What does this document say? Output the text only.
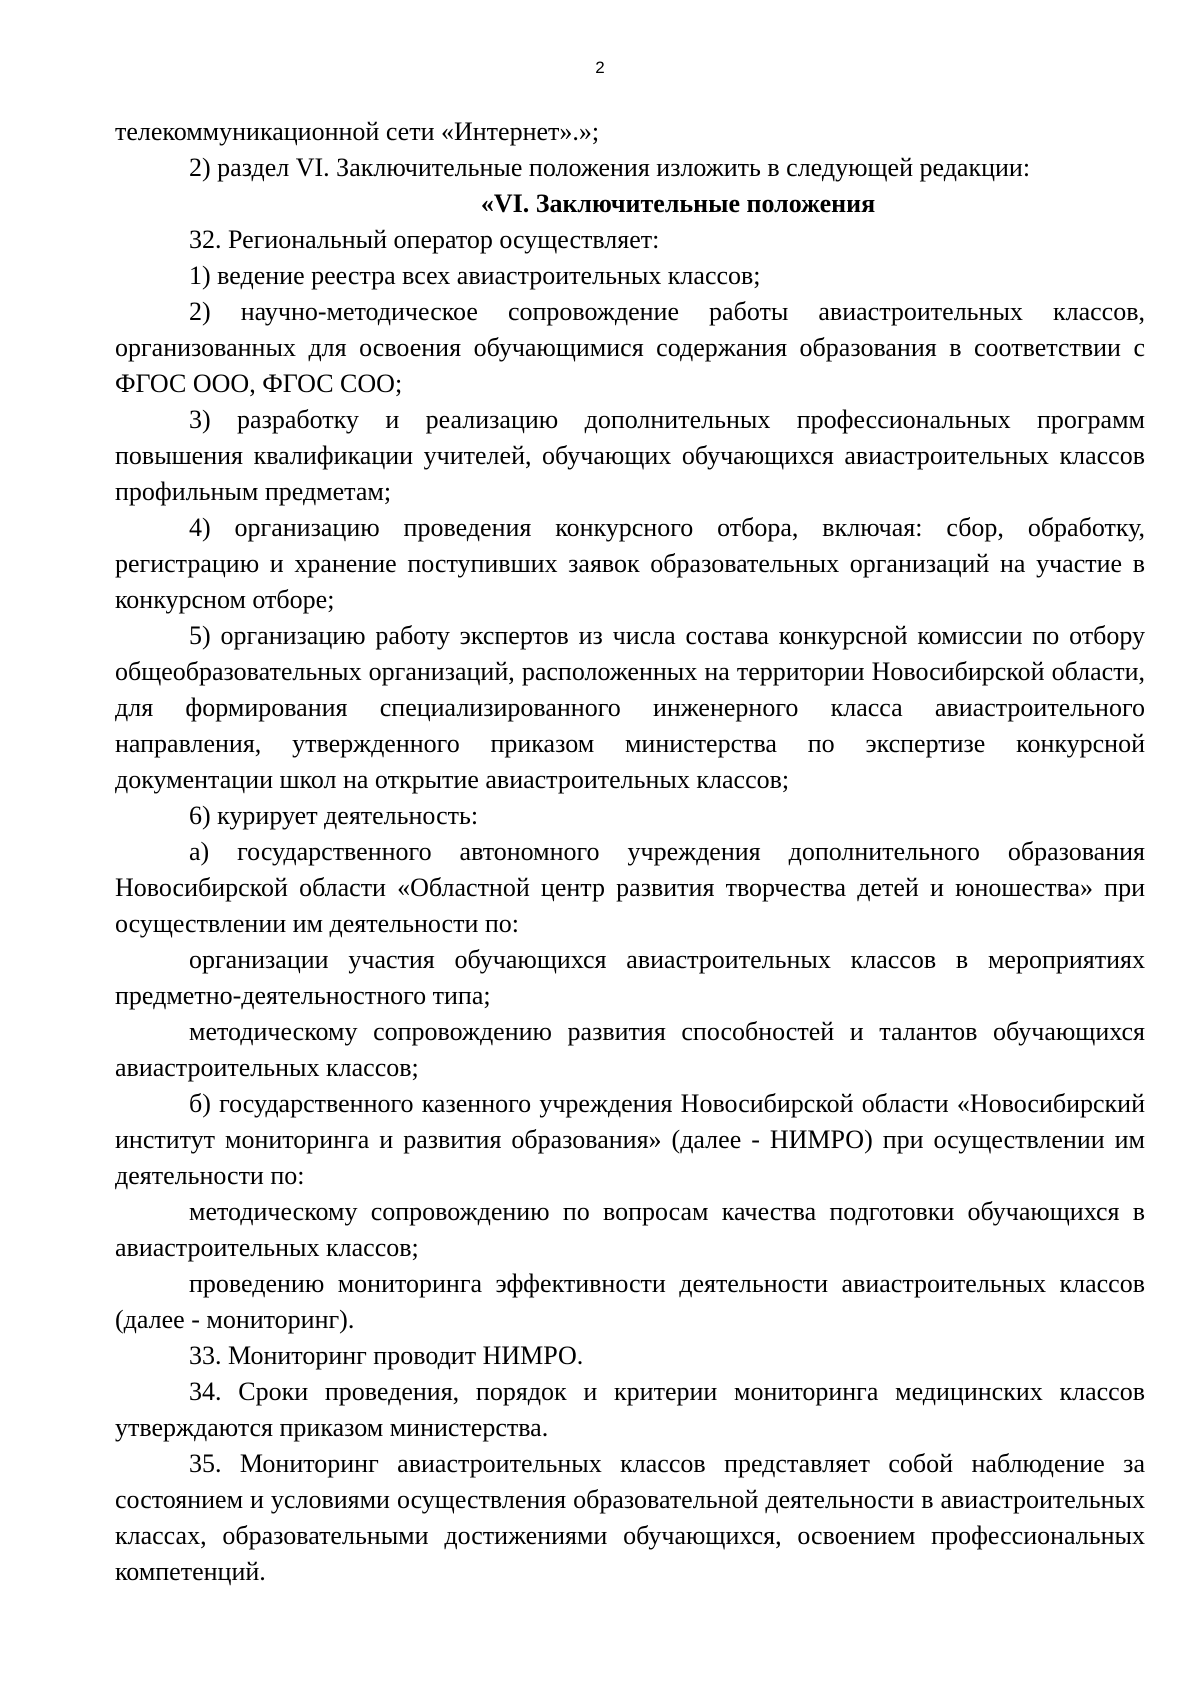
2

телекоммуникационной сети «Интернет».»;

2) раздел VI. Заключительные положения изложить в следующей редакции:

«VI. Заключительные положения

32. Региональный оператор осуществляет:

1) ведение реестра всех авиастроительных классов;

2) научно-методическое сопровождение работы авиастроительных классов, организованных для освоения обучающимися содержания образования в соответствии с ФГОС ООО, ФГОС СОО;

3) разработку и реализацию дополнительных профессиональных программ повышения квалификации учителей, обучающих обучающихся авиастроительных классов профильным предметам;

4) организацию проведения конкурсного отбора, включая: сбор, обработку, регистрацию и хранение поступивших заявок образовательных организаций на участие в конкурсном отборе;

5) организацию работу экспертов из числа состава конкурсной комиссии по отбору общеобразовательных организаций, расположенных на территории Новосибирской области, для формирования специализированного инженерного класса авиастроительного направления, утвержденного приказом министерства по экспертизе конкурсной документации школ на открытие авиастроительных классов;

6) курирует деятельность:

а) государственного автономного учреждения дополнительного образования Новосибирской области «Областной центр развития творчества детей и юношества» при осуществлении им деятельности по:

организации участия обучающихся авиастроительных классов в мероприятиях предметно-деятельностного типа;

методическому сопровождению развития способностей и талантов обучающихся авиастроительных классов;

б) государственного казенного учреждения Новосибирской области «Новосибирский институт мониторинга и развития образования» (далее - НИМРО) при осуществлении им деятельности по:

методическому сопровождению по вопросам качества подготовки обучающихся в авиастроительных классов;

проведению мониторинга эффективности деятельности авиастроительных классов (далее - мониторинг).

33. Мониторинг проводит НИМРО.

34. Сроки проведения, порядок и критерии мониторинга медицинских классов утверждаются приказом министерства.

35. Мониторинг авиастроительных классов представляет собой наблюдение за состоянием и условиями осуществления образовательной деятельности в авиастроительных классах, образовательными достижениями обучающихся, освоением профессиональных компетенций.
